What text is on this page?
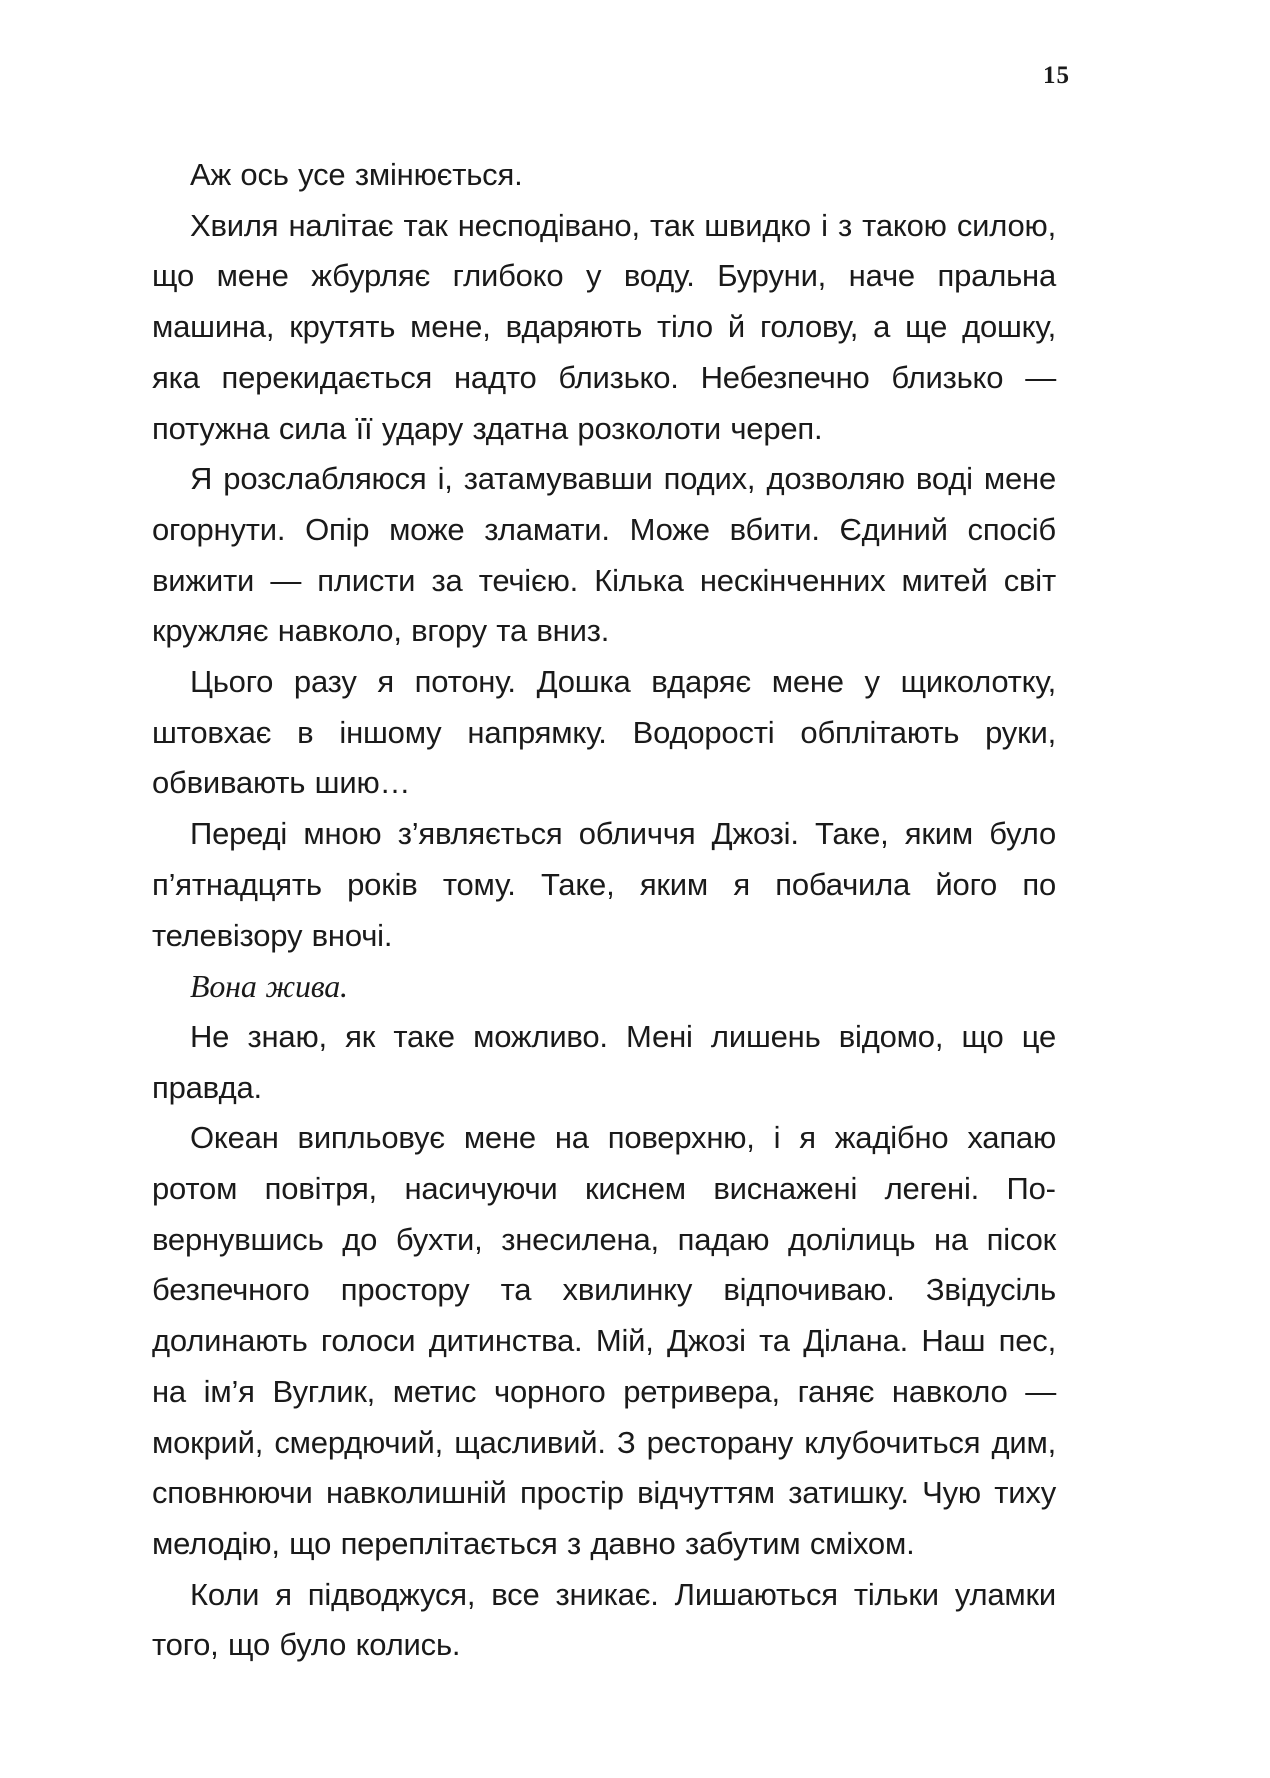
15

Аж ось усе змінюється.

Хвиля налітає так несподівано, так швидко і з такою силою, що мене жбурляє глибоко у воду. Буруни, наче пральна машина, крутять мене, вдаряють тіло й голову, а ще дошку, яка перекидається надто близько. Небезпечно близько — потужна сила її удару здатна розколоти череп.

Я розслабляюся і, затамувавши подих, дозволяю воді мене огорнути. Опір може зламати. Може вбити. Єдиний спосіб вижити — плисти за течією. Кілька нескінченних митей світ кружляє навколо, вгору та вниз.

Цього разу я потону. Дошка вдаряє мене у щиколотку, штовхає в іншому напрямку. Водорості обплітають руки, обвивають шию…

Переді мною з’являється обличчя Джозі. Таке, яким було п’ятнадцять років тому. Таке, яким я побачила його по телевізору вночі.

Вона жива.

Не знаю, як таке можливо. Мені лишень відомо, що це правда.

Океан випльовує мене на поверхню, і я жадібно хапаю ротом повітря, насичуючи киснем виснажені легені. Повернувшись до бухти, знесилена, падаю долілиць на пісок безпечного простору та хвилинку відпочиваю. Звідусіль долинають голоси дитинства. Мій, Джозі та Ділана. Наш пес, на ім’я Вуглик, метис чорного ретривера, ганяє навколо — мокрий, смердючий, щасливий. З ресторану клубочиться дим, сповнюючи навколишній простір відчуттям затишку. Чую тиху мелодію, що переплітається з давно забутим сміхом.

Коли я підводжуся, все зникає. Лишаються тільки уламки того, що було колись.
